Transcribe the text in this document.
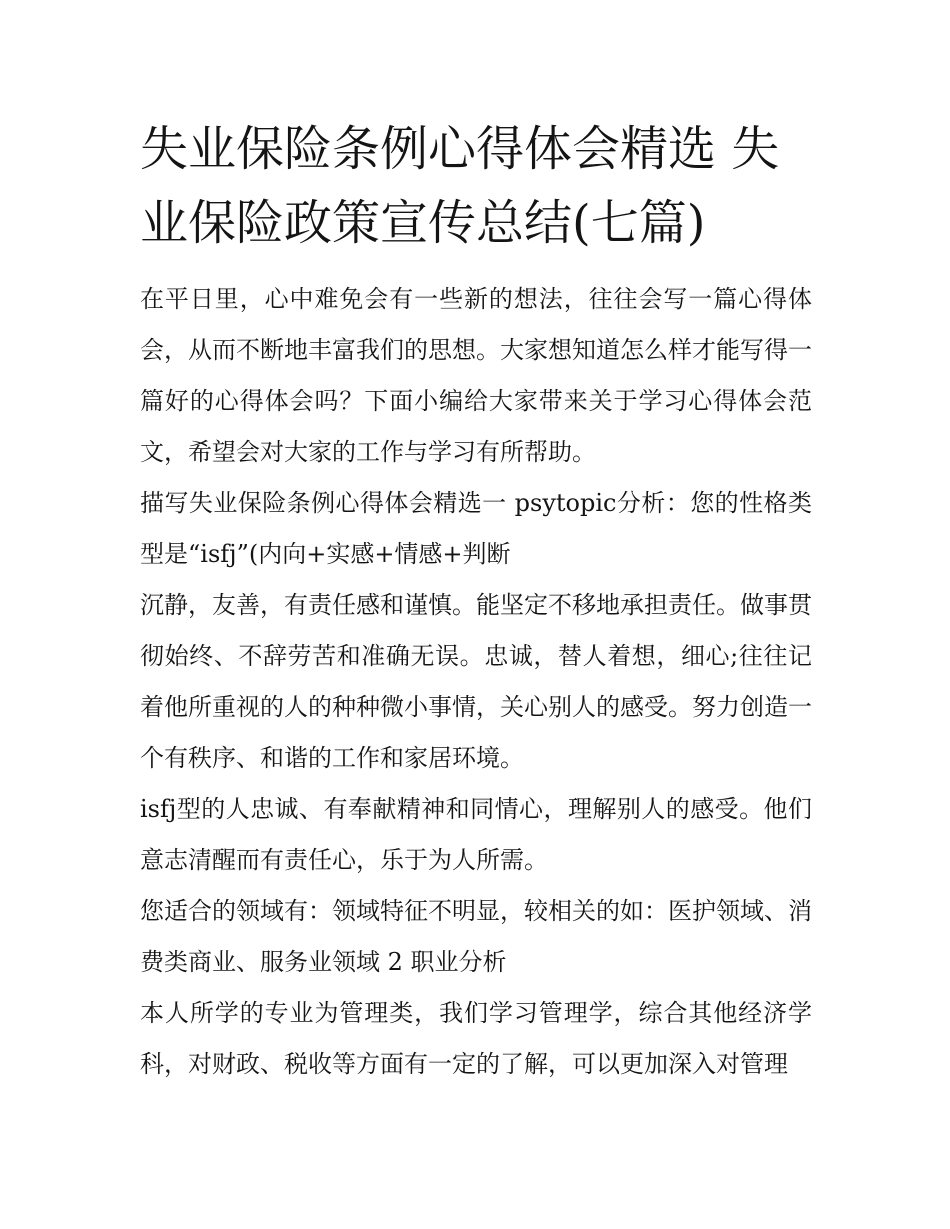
失业保险条例心得体会精选 失业保险政策宣传总结(七篇)

在平日里，心中难免会有一些新的想法，往往会写一篇心得体会，从而不断地丰富我们的思想。大家想知道怎么样才能写得一篇好的心得体会吗？下面小编给大家带来关于学习心得体会范文，希望会对大家的工作与学习有所帮助。

描写失业保险条例心得体会精选一 psytopic分析：您的性格类型是“isfj”(内向+实感+情感+判断

沉静，友善，有责任感和谨慎。能坚定不移地承担责任。做事贯彻始终、不辞劳苦和准确无误。忠诚，替人着想，细心;往往记着他所重视的人的种种微小事情，关心别人的感受。努力创造一个有秩序、和谐的工作和家居环境。

isfj型的人忠诚、有奉献精神和同情心，理解别人的感受。他们意志清醒而有责任心，乐于为人所需。

您适合的领域有：领域特征不明显，较相关的如：医护领域、消费类商业、服务业领域 2 职业分析

本人所学的专业为管理类，我们学习管理学，综合其他经济学科，对财政、税收等方面有一定的了解，可以更加深入对管理
